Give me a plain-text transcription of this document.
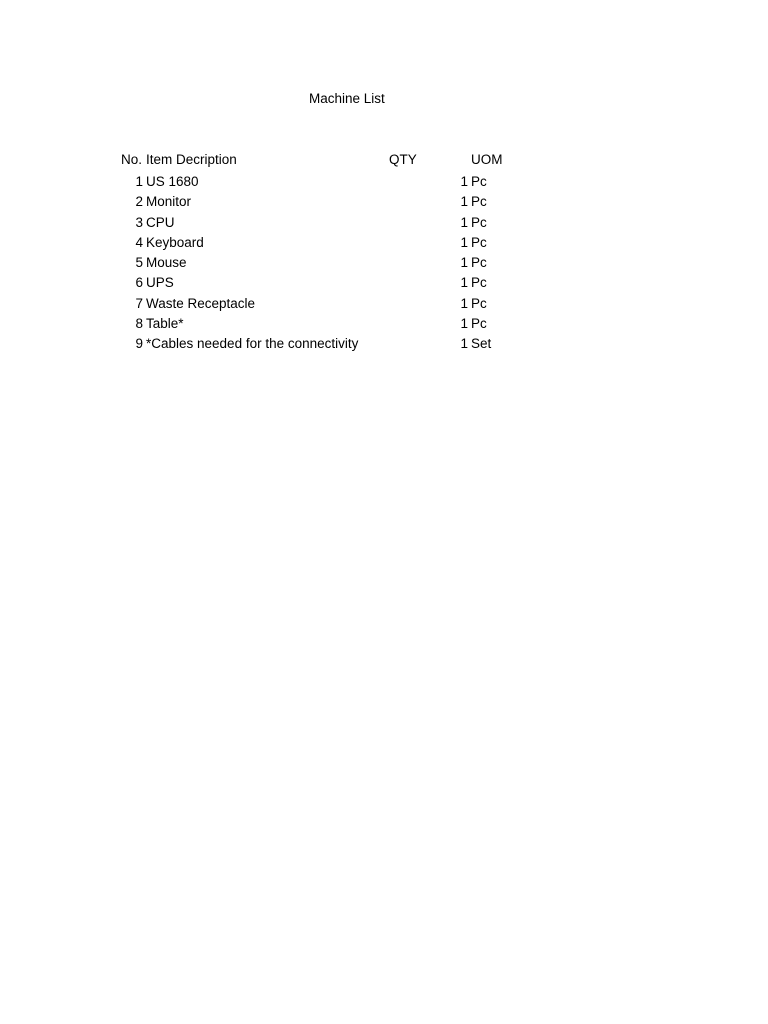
Machine List
No. Item Decription	QTY	UOM
1 US 1680	1 Pc
2 Monitor	1 Pc
3 CPU	1 Pc
4 Keyboard	1 Pc
5 Mouse	1 Pc
6 UPS	1 Pc
7 Waste Receptacle	1 Pc
8 Table*	1 Pc
9 *Cables needed for the connectivity	1 Set
